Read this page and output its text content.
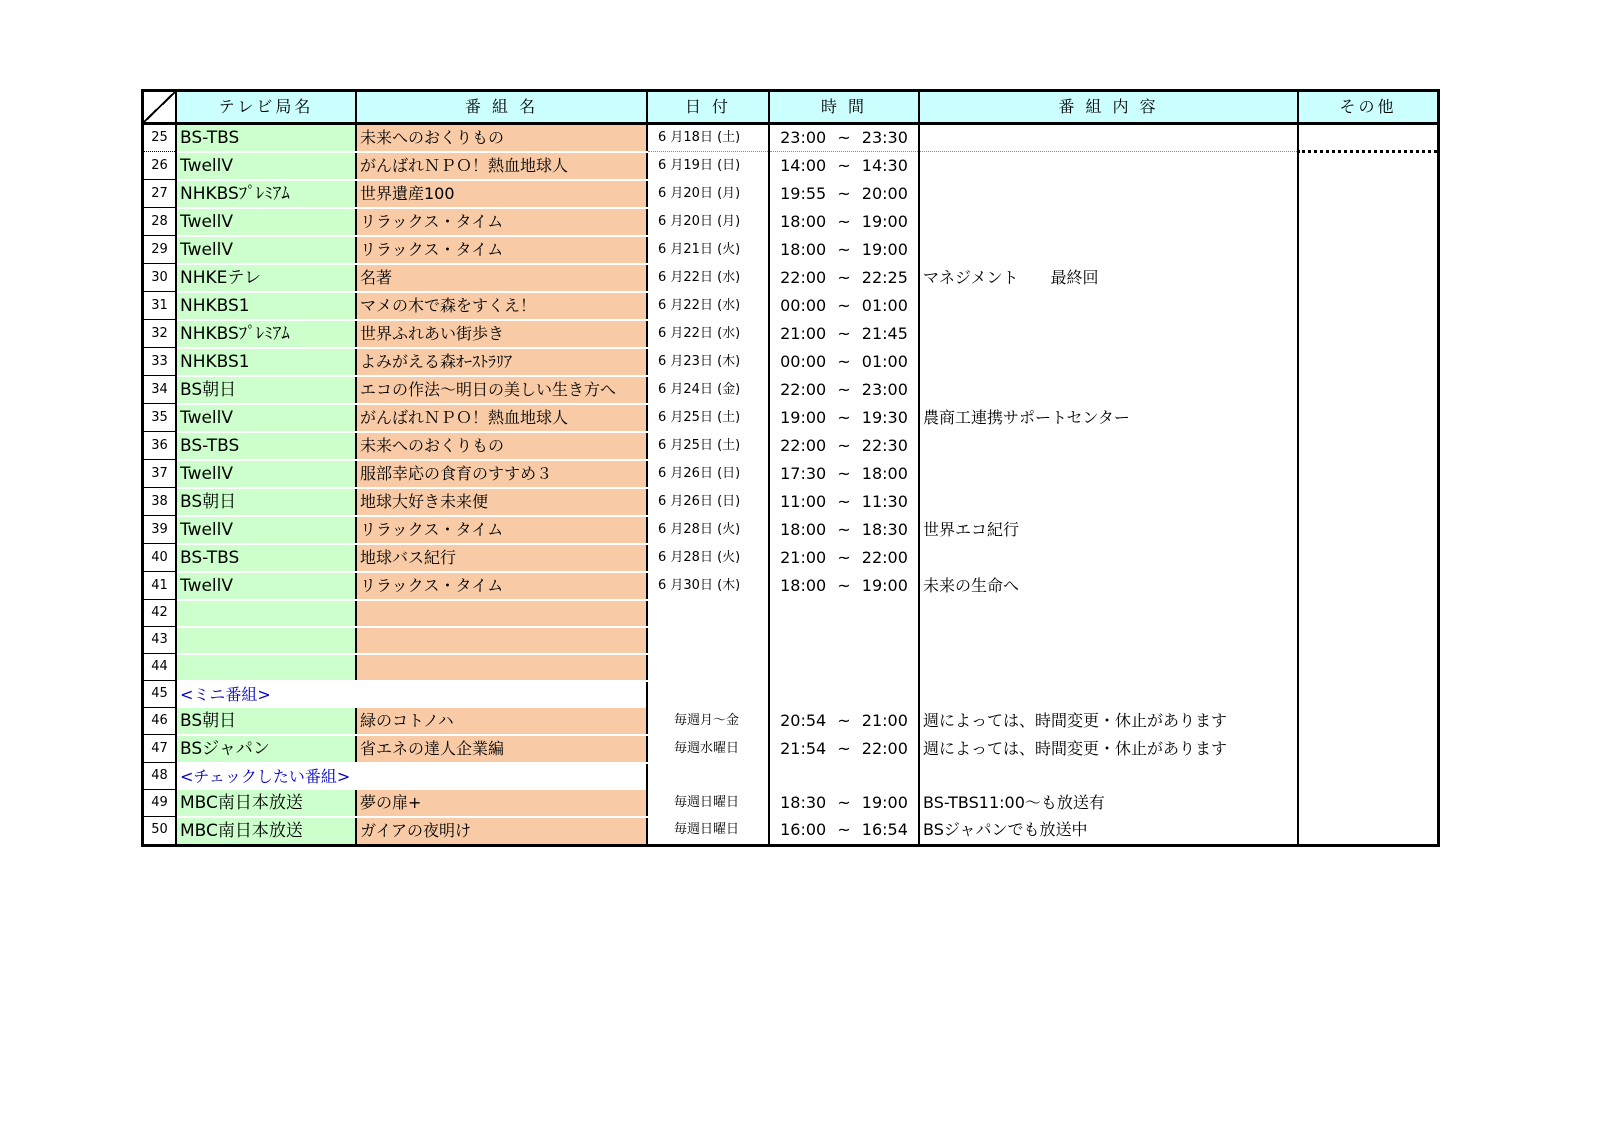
	テレビ局名	番 組 名	日 付	時 間	番 組 内 容	その他
25	BS-TBS	未来へのおくりもの	6 月18日 (土)	23:00 ~ 23:30		
26	TwellV	がんばれＮＰＯ！熱血地球人	6 月19日 (日)	14:00 ~ 14:30		
27	NHKBSﾌﾟﾚﾐｱﾑ	世界遺産100	6 月20日 (月)	19:55 ~ 20:00		
28	TwellV	リラックス・タイム	6 月20日 (月)	18:00 ~ 19:00		
29	TwellV	リラックス・タイム	6 月21日 (火)	18:00 ~ 19:00		
30	NHKEテレ	名著	6 月22日 (水)	22:00 ~ 22:25	マネジメント　　最終回	
31	NHKBS1	マメの木で森をすくえ！	6 月22日 (水)	00:00 ~ 01:00		
32	NHKBSﾌﾟﾚﾐｱﾑ	世界ふれあい街歩き	6 月22日 (水)	21:00 ~ 21:45		
33	NHKBS1	よみがえる森ｵｰｽﾄﾗﾘｱ	6 月23日 (木)	00:00 ~ 01:00		
34	BS朝日	エコの作法～明日の美しい生き方へ	6 月24日 (金)	22:00 ~ 23:00		
35	TwellV	がんばれＮＰＯ！熱血地球人	6 月25日 (土)	19:00 ~ 19:30	農商工連携サポートセンター	
36	BS-TBS	未来へのおくりもの	6 月25日 (土)	22:00 ~ 22:30		
37	TwellV	服部幸応の食育のすすめ３	6 月26日 (日)	17:30 ~ 18:00		
38	BS朝日	地球大好き未来便	6 月26日 (日)	11:00 ~ 11:30		
39	TwellV	リラックス・タイム	6 月28日 (火)	18:00 ~ 18:30	世界エコ紀行	
40	BS-TBS	地球バス紀行	6 月28日 (火)	21:00 ~ 22:00		
41	TwellV	リラックス・タイム	6 月30日 (木)	18:00 ~ 19:00	未来の生命へ	
42						
43						
44						
45	<ミニ番組>					
46	BS朝日	緑のコトノハ	毎週月～金	20:54 ~ 21:00	週によっては、時間変更・休止があります	
47	BSジャパン	省エネの達人企業編	毎週水曜日	21:54 ~ 22:00	週によっては、時間変更・休止があります	
48	<チェックしたい番組>					
49	MBC南日本放送	夢の扉+	毎週日曜日	18:30 ~ 19:00	BS-TBS11:00～も放送有	
50	MBC南日本放送	ガイアの夜明け	毎週日曜日	16:00 ~ 16:54	BSジャパンでも放送中	
